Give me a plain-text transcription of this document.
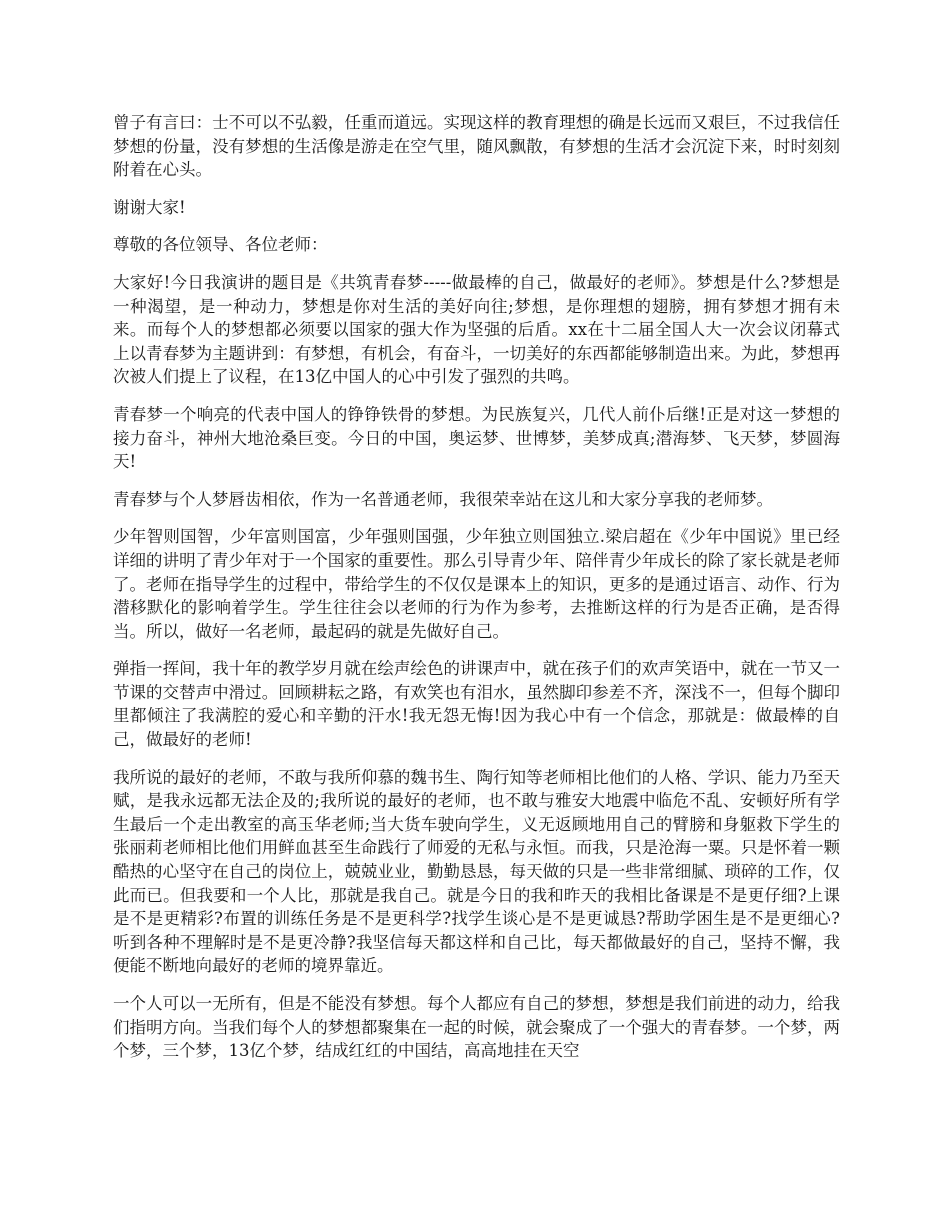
曾子有言曰：士不可以不弘毅，任重而道远。实现这样的教育理想的确是长远而又艰巨，不过我信任梦想的份量，没有梦想的生活像是游走在空气里，随风飘散，有梦想的生活才会沉淀下来，时时刻刻附着在心头。

谢谢大家!

尊敬的各位领导、各位老师：

大家好!今日我演讲的题目是《共筑青春梦-----做最棒的自己，做最好的老师》。梦想是什么?梦想是一种渴望，是一种动力，梦想是你对生活的美好向往;梦想，是你理想的翅膀，拥有梦想才拥有未来。而每个人的梦想都必须要以国家的强大作为坚强的后盾。xx在十二届全国人大一次会议闭幕式上以青春梦为主题讲到：有梦想，有机会，有奋斗，一切美好的东西都能够制造出来。为此，梦想再次被人们提上了议程，在13亿中国人的心中引发了强烈的共鸣。

青春梦一个响亮的代表中国人的铮铮铁骨的梦想。为民族复兴，几代人前仆后继!正是对这一梦想的接力奋斗，神州大地沧桑巨变。今日的中国，奥运梦、世博梦，美梦成真;潜海梦、飞天梦，梦圆海天!

青春梦与个人梦唇齿相依，作为一名普通老师，我很荣幸站在这儿和大家分享我的老师梦。

少年智则国智，少年富则国富，少年强则国强，少年独立则国独立.梁启超在《少年中国说》里已经详细的讲明了青少年对于一个国家的重要性。那么引导青少年、陪伴青少年成长的除了家长就是老师了。老师在指导学生的过程中，带给学生的不仅仅是课本上的知识，更多的是通过语言、动作、行为潜移默化的影响着学生。学生往往会以老师的行为作为参考，去推断这样的行为是否正确，是否得当。所以，做好一名老师，最起码的就是先做好自己。

弹指一挥间，我十年的教学岁月就在绘声绘色的讲课声中，就在孩子们的欢声笑语中，就在一节又一节课的交替声中滑过。回顾耕耘之路，有欢笑也有泪水，虽然脚印参差不齐，深浅不一，但每个脚印里都倾注了我满腔的爱心和辛勤的汗水!我无怨无悔!因为我心中有一个信念，那就是：做最棒的自己，做最好的老师!

我所说的最好的老师，不敢与我所仰慕的魏书生、陶行知等老师相比他们的人格、学识、能力乃至天赋，是我永远都无法企及的;我所说的最好的老师，也不敢与雅安大地震中临危不乱、安顿好所有学生最后一个走出教室的高玉华老师;当大货车驶向学生，义无返顾地用自己的臂膀和身躯救下学生的张丽莉老师相比他们用鲜血甚至生命践行了师爱的无私与永恒。而我，只是沧海一粟。只是怀着一颗酷热的心坚守在自己的岗位上，兢兢业业，勤勤恳恳，每天做的只是一些非常细腻、琐碎的工作，仅此而已。但我要和一个人比，那就是我自己。就是今日的我和昨天的我相比备课是不是更仔细?上课是不是更精彩?布置的训练任务是不是更科学?找学生谈心是不是更诚恳?帮助学困生是不是更细心?听到各种不理解时是不是更冷静?我坚信每天都这样和自己比，每天都做最好的自己，坚持不懈，我便能不断地向最好的老师的境界靠近。

一个人可以一无所有，但是不能没有梦想。每个人都应有自己的梦想，梦想是我们前进的动力，给我们指明方向。当我们每个人的梦想都聚集在一起的时候，就会聚成了一个强大的青春梦。一个梦，两个梦，三个梦，13亿个梦，结成红红的中国结，高高地挂在天空
